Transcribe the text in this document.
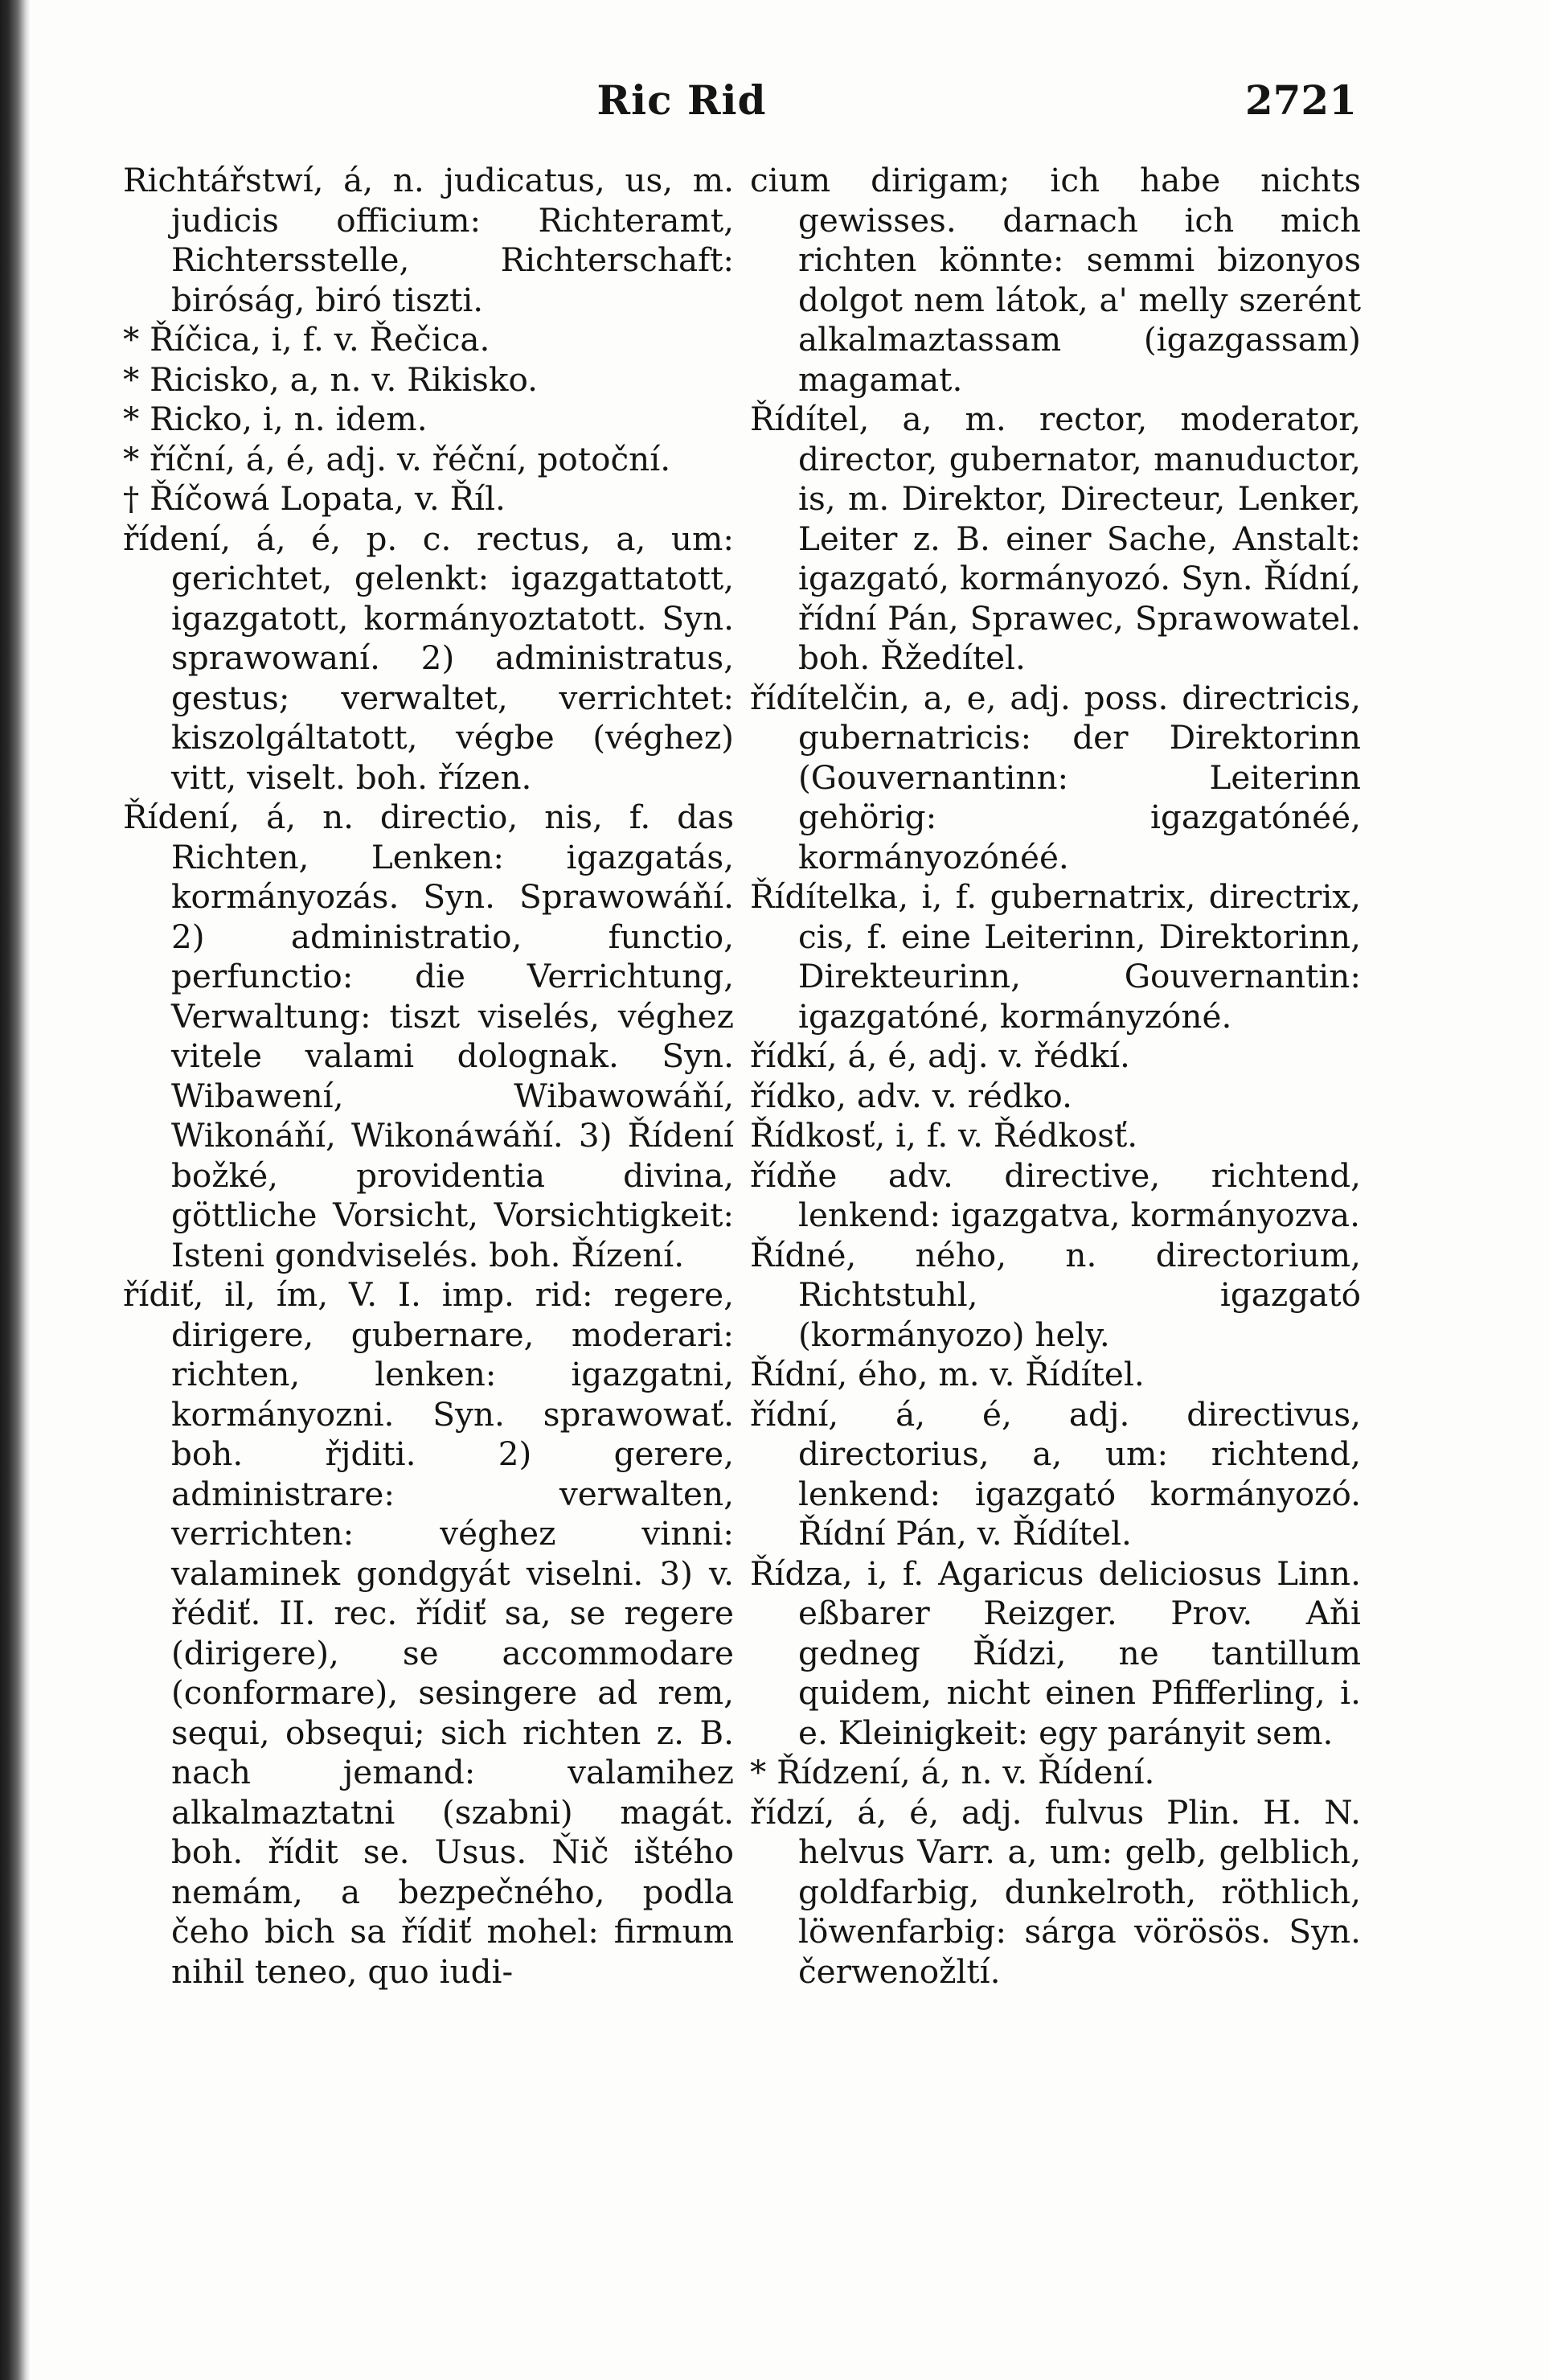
Ric Rid	2721

Richtářstwí, á, n. judicatus, us, m. judicis officium: Richteramt, Richtersstelle, Richterschaft: biróság, biró tiszti.

* Říčica, i, f. v. Řečica.

* Ricisko, a, n. v. Rikisko.

* Ricko, i, n. idem.

* říční, á, é, adj. v. řéční, potoční.

† Říčowá Lopata, v. Říl.

řídení, á, é, p. c. rectus, a, um: gerichtet, gelenkt: igazgattatott, igazgatott, kormányoztatott. Syn. sprawowaní. 2) administratus, gestus; verwaltet, verrichtet: kiszolgáltatott, végbe (véghez) vitt, viselt. boh. řízen.

Řídení, á, n. directio, nis, f. das Richten, Lenken: igazgatás, kormányozás. Syn. Sprawowáňí. 2) administratio, functio, perfunctio: die Verrichtung, Verwaltung: tiszt viselés, véghez vitele valami dolognak. Syn. Wibawení, Wibawowáňí, Wikonáňí, Wikonáwáňí. 3) Řídení božké, providentia divina, göttliche Vorsicht, Vorsichtigkeit: Isteni gondviselés. boh. Řízení.

řídiť, il, ím, V. I. imp. rid: regere, dirigere, gubernare, moderari: richten, lenken: igazgatni, kormányozni. Syn. sprawowať. boh. řjditi. 2) gerere, administrare: verwalten, verrichten: véghez vinni: valaminek gondgyát viselni. 3) v. řédiť. II. rec. řídiť sa, se regere (dirigere), se accommodare (conformare), sesingere ad rem, sequi, obsequi; sich richten z. B. nach jemand: valamihez alkalmaztatni (szabni) magát. boh. řídit se. Usus. Ňič ištého nemám, a bezpečného, podla čeho bich sa řídiť mohel: firmum nihil teneo, quo iudi-

cium dirigam; ich habe nichts gewisses. darnach ich mich richten könnte: semmi bizonyos dolgot nem látok, a' melly szerént alkalmaztassam (igazgassam) magamat.

Řídítel, a, m. rector, moderator, director, gubernator, manuductor, is, m. Direktor, Directeur, Lenker, Leiter z. B. einer Sache, Anstalt: igazgató, kormányozó. Syn. Řídní, řídní Pán, Sprawec, Sprawowatel. boh. Řžedítel.

řídítelčin, a, e, adj. poss. directricis, gubernatricis: der Direktorinn (Gouvernantinn: Leiterinn gehörig: igazgatónéé, kormányozónéé.

Řídítelka, i, f. gubernatrix, directrix, cis, f. eine Leiterinn, Direktorinn, Direkteurinn, Gouvernantin: igazgatóné, kormányzóné.

řídkí, á, é, adj. v. řédkí.

řídko, adv. v. rédko.

Řídkosť, i, f. v. Řédkosť.

řídňe adv. directive, richtend, lenkend: igazgatva, kormányozva.

Řídné, ného, n. directorium, Richtstuhl, igazgató (kormányozo) hely.

Řídní, ého, m. v. Řídítel.

řídní, á, é, adj. directivus, directorius, a, um: richtend, lenkend: igazgató kormányozó. Řídní Pán, v. Řídítel.

Řídza, i, f. Agaricus deliciosus Linn. eßbarer Reizger. Prov. Aňi gedneg Řídzi, ne tantillum quidem, nicht einen Pfifferling, i. e. Kleinigkeit: egy parányit sem.

* Řídzení, á, n. v. Řídení.

řídzí, á, é, adj. fulvus Plin. H. N. helvus Varr. a, um: gelb, gelblich, goldfarbig, dunkelroth, röthlich, löwenfarbig: sárga vörösös. Syn. čerwenožltí.
